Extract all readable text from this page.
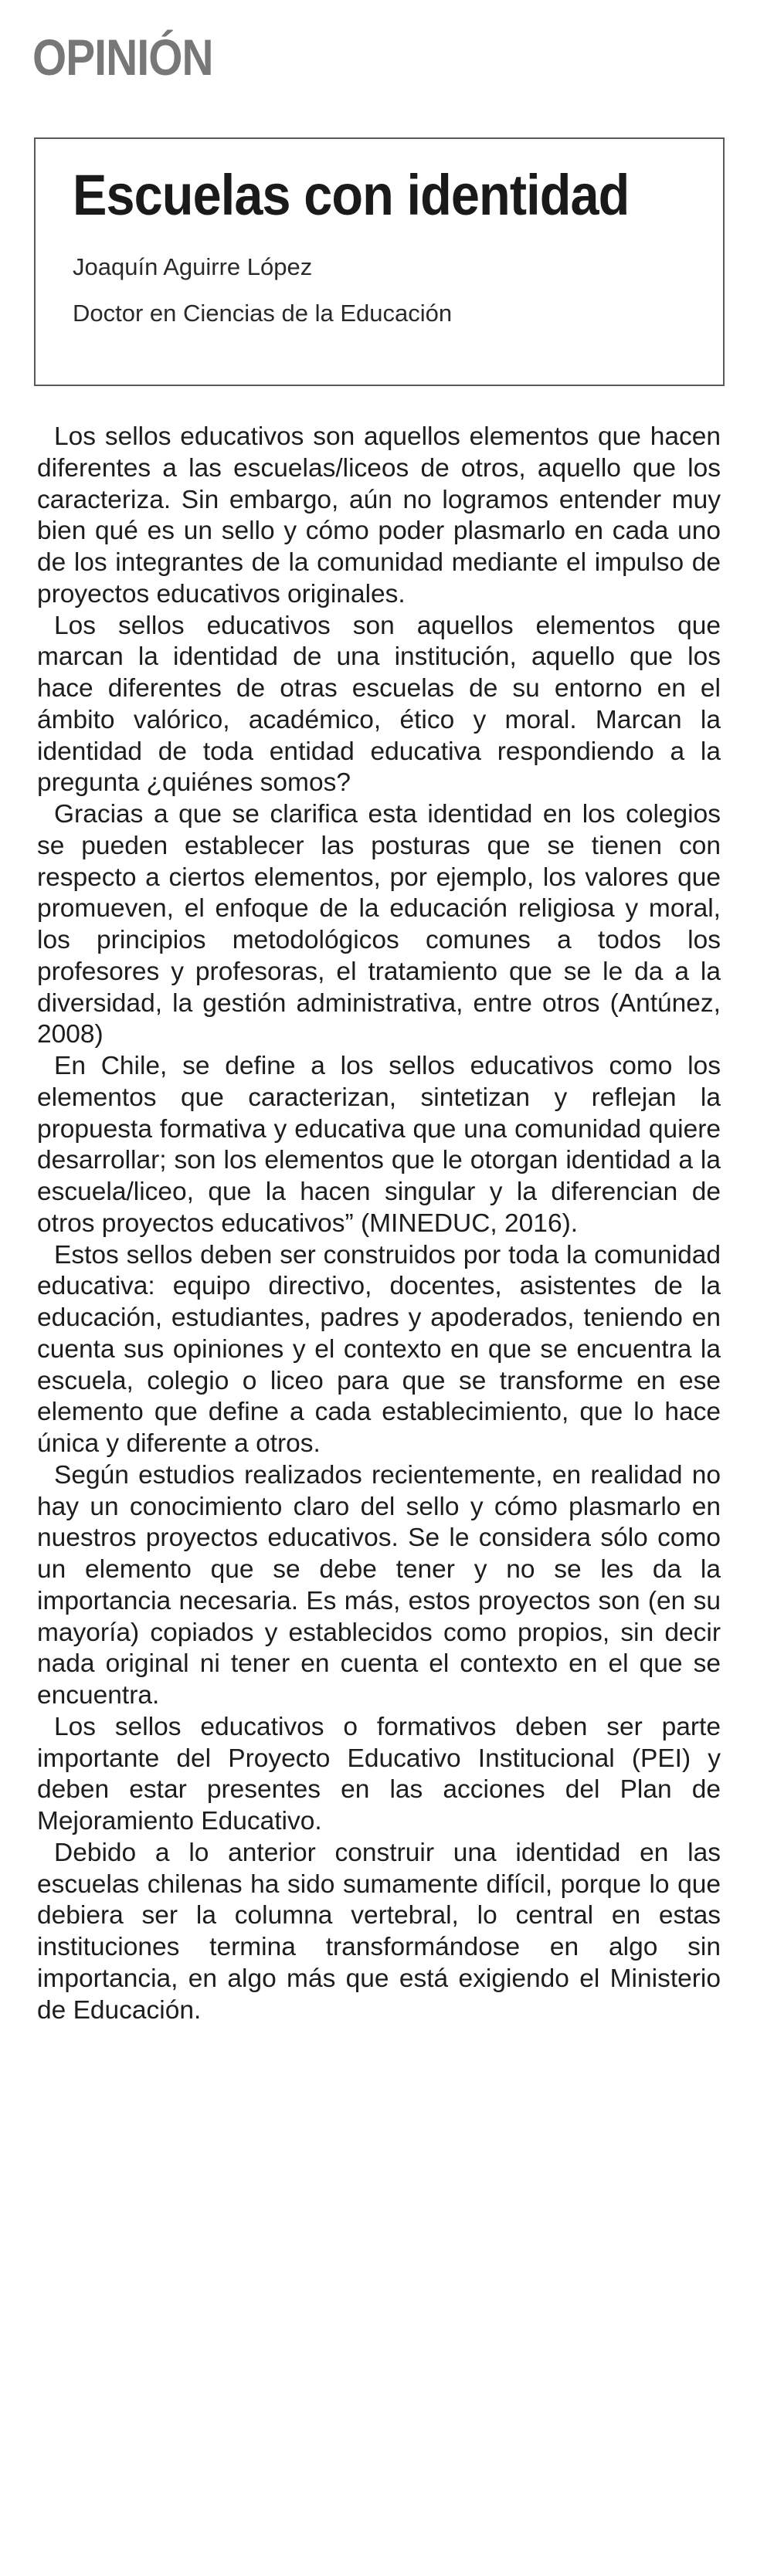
OPINIÓN
Escuelas con identidad
Joaquín Aguirre López
Doctor en Ciencias de la Educación

Los sellos educativos son aquellos elementos que hacen diferentes a las escuelas/liceos de otros, aquello que los caracteriza. Sin embargo, aún no logramos entender muy bien qué es un sello y cómo poder plasmarlo en cada uno de los integrantes de la comunidad mediante el impulso de proyectos educativos originales.

Los sellos educativos son aquellos elementos que marcan la identidad de una institución, aquello que los hace diferentes de otras escuelas de su entorno en el ámbito valórico, académico, ético y moral. Marcan la identidad de toda entidad educativa respondiendo a la pregunta ¿quiénes somos?

Gracias a que se clarifica esta identidad en los colegios se pueden establecer las posturas que se tienen con respecto a ciertos elementos, por ejemplo, los valores que promueven, el enfoque de la educación religiosa y moral, los principios metodológicos comunes a todos los profesores y profesoras, el tratamiento que se le da a la diversidad, la gestión administrativa, entre otros (Antúnez, 2008)

En Chile, se define a los sellos educativos como los elementos que caracterizan, sintetizan y reflejan la propuesta formativa y educativa que una comunidad quiere desarrollar; son los elementos que le otorgan identidad a la escuela/liceo, que la hacen singular y la diferencian de otros proyectos educativos” (MINEDUC, 2016).

Estos sellos deben ser construidos por toda la comunidad educativa: equipo directivo, docentes, asistentes de la educación, estudiantes, padres y apoderados, teniendo en cuenta sus opiniones y el contexto en que se encuentra la escuela, colegio o liceo para que se transforme en ese elemento que define a cada establecimiento, que lo hace única y diferente a otros.

Según estudios realizados recientemente, en realidad no hay un conocimiento claro del sello y cómo plasmarlo en nuestros proyectos educativos. Se le considera sólo como un elemento que se debe tener y no se les da la importancia necesaria. Es más, estos proyectos son (en su mayoría) copiados y establecidos como propios, sin decir nada original ni tener en cuenta el contexto en el que se encuentra.

Los sellos educativos o formativos deben ser parte importante del Proyecto Educativo Institucional (PEI) y deben estar presentes en las acciones del Plan de Mejoramiento Educativo.

Debido a lo anterior construir una identidad en las escuelas chilenas ha sido sumamente difícil, porque lo que debiera ser la columna vertebral, lo central en estas instituciones termina transformándose en algo sin importancia, en algo más que está exigiendo el Ministerio de Educación.
